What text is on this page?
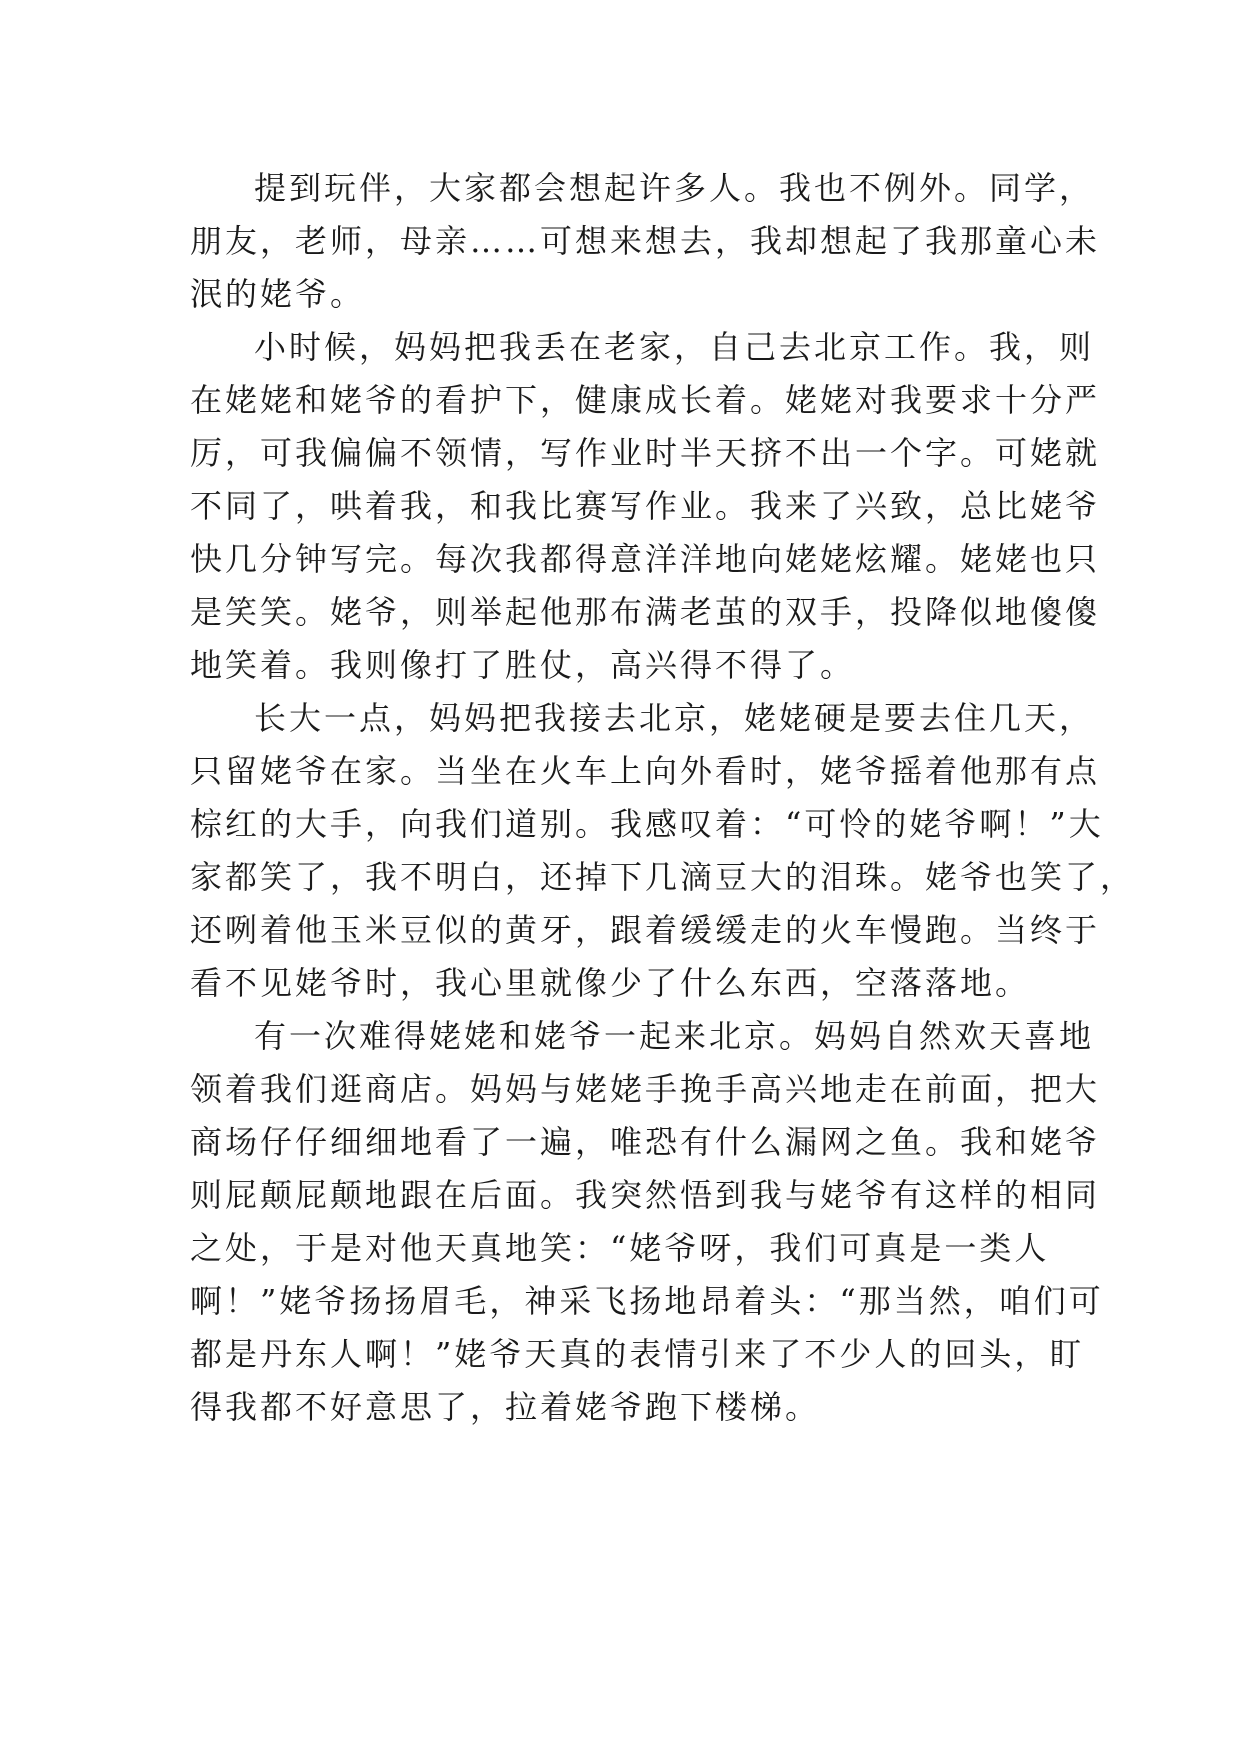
提到玩伴，大家都会想起许多人。我也不例外。同学，
朋友，老师，母亲……可想来想去，我却想起了我那童心未
泯的姥爷。
小时候，妈妈把我丢在老家，自己去北京工作。我，则
在姥姥和姥爷的看护下，健康成长着。姥姥对我要求十分严
厉，可我偏偏不领情，写作业时半天挤不出一个字。可姥就
不同了，哄着我，和我比赛写作业。我来了兴致，总比姥爷
快几分钟写完。每次我都得意洋洋地向姥姥炫耀。姥姥也只
是笑笑。姥爷，则举起他那布满老茧的双手，投降似地傻傻
地笑着。我则像打了胜仗，高兴得不得了。
长大一点，妈妈把我接去北京，姥姥硬是要去住几天，
只留姥爷在家。当坐在火车上向外看时，姥爷摇着他那有点
棕红的大手，向我们道别。我感叹着：“可怜的姥爷啊！”大
家都笑了，我不明白，还掉下几滴豆大的泪珠。姥爷也笑了，
还咧着他玉米豆似的黄牙，跟着缓缓走的火车慢跑。当终于
看不见姥爷时，我心里就像少了什么东西，空落落地。
有一次难得姥姥和姥爷一起来北京。妈妈自然欢天喜地
领着我们逛商店。妈妈与姥姥手挽手高兴地走在前面，把大
商场仔仔细细地看了一遍，唯恐有什么漏网之鱼。我和姥爷
则屁颠屁颠地跟在后面。我突然悟到我与姥爷有这样的相同
之处，于是对他天真地笑：“姥爷呀，我们可真是一类人
啊！”姥爷扬扬眉毛，神采飞扬地昂着头：“那当然，咱们可
都是丹东人啊！”姥爷天真的表情引来了不少人的回头，盯
得我都不好意思了，拉着姥爷跑下楼梯。
